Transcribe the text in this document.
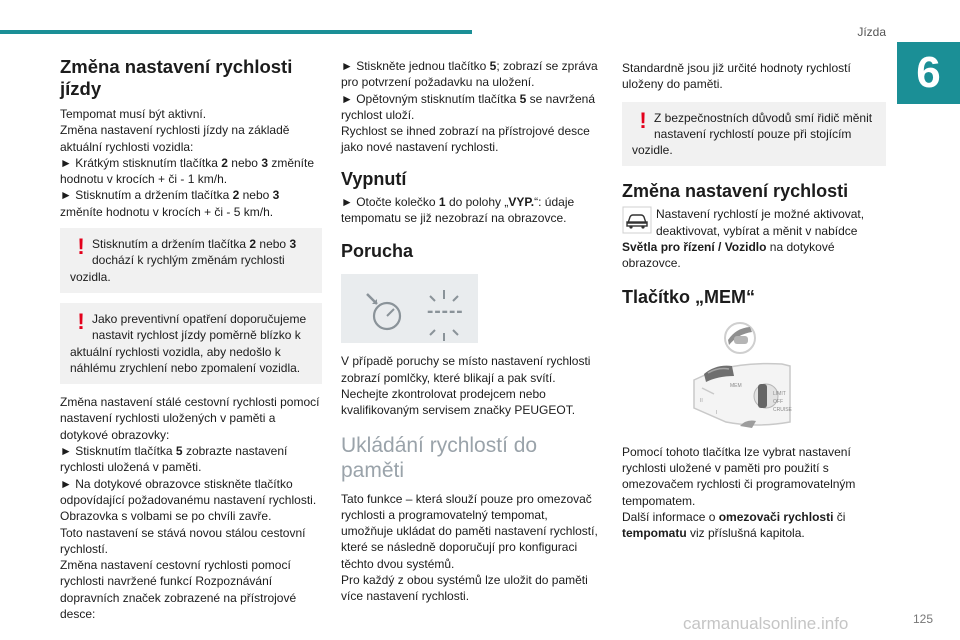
Jízda
6
Změna nastavení rychlosti jízdy

Tempomat musí být aktivní.

Změna nastavení rychlosti jízdy na základě aktuální rychlosti vozidla:

► Krátkým stisknutím tlačítka 2 nebo 3 změníte hodnotu v krocích + či - 1 km/h.

► Stisknutím a držením tlačítka 2 nebo 3 změníte hodnotu v krocích + či - 5 km/h.

! Stisknutím a držením tlačítka 2 nebo 3 dochází k rychlým změnám rychlosti vozidla.
! Jako preventivní opatření doporučujeme nastavit rychlost jízdy poměrně blízko k aktuální rychlosti vozidla, aby nedošlo k náhlému zrychlení nebo zpomalení vozidla.

Změna nastavení stálé cestovní rychlosti pomocí nastavení rychlosti uložených v paměti a dotykové obrazovky:

► Stisknutím tlačítka 5 zobrazte nastavení rychlosti uložená v paměti.

► Na dotykové obrazovce stiskněte tlačítko odpovídající požadovanému nastavení rychlosti.

Obrazovka s volbami se po chvíli zavře.

Toto nastavení se stává novou stálou cestovní rychlostí.

Změna nastavení cestovní rychlosti pomocí rychlosti navržené funkcí Rozpoznávání dopravních značek zobrazené na přístrojové desce:

► Stiskněte jednou tlačítko 5; zobrazí se zpráva pro potvrzení požadavku na uložení.

► Opětovným stisknutím tlačítka 5 se navržená rychlost uloží.

Rychlost se ihned zobrazí na přístrojové desce jako nové nastavení rychlosti.

Vypnutí

► Otočte kolečko 1 do polohy „VYP.“: údaje tempomatu se již nezobrazí na obrazovce.

Porucha
-----

V případě poruchy se místo nastavení rychlosti zobrazí pomlčky, které blikají a pak svítí.

Nechejte zkontrolovat prodejcem nebo kvalifikovaným servisem značky PEUGEOT.

Ukládání rychlostí do paměti

Tato funkce – která slouží pouze pro omezovač rychlosti a programovatelný tempomat, umožňuje ukládat do paměti nastavení rychlostí, které se následně doporučují pro konfiguraci těchto dvou systémů.

Pro každý z obou systémů lze uložit do paměti více nastavení rychlosti.

Standardně jsou již určité hodnoty rychlostí uloženy do paměti.

! Z bezpečnostních důvodů smí řidič měnit nastavení rychlostí pouze při stojícím vozidle.
Změna nastavení rychlosti
Nastavení rychlostí je možné aktivovat, deaktivovat, vybírat a měnit v nabídce Světla pro řízení / Vozidlo na dotykové obrazovce.
Tlačítko „MEM“
II
I
MEM
LIMIT
OFF
CRUISE

Pomocí tohoto tlačítka lze vybrat nastavení rychlosti uložené v paměti pro použití s omezovačem rychlosti či programovatelným tempomatem.

Další informace o omezovači rychlosti či tempomatu viz příslušná kapitola.

125
carmanualsonline.info
